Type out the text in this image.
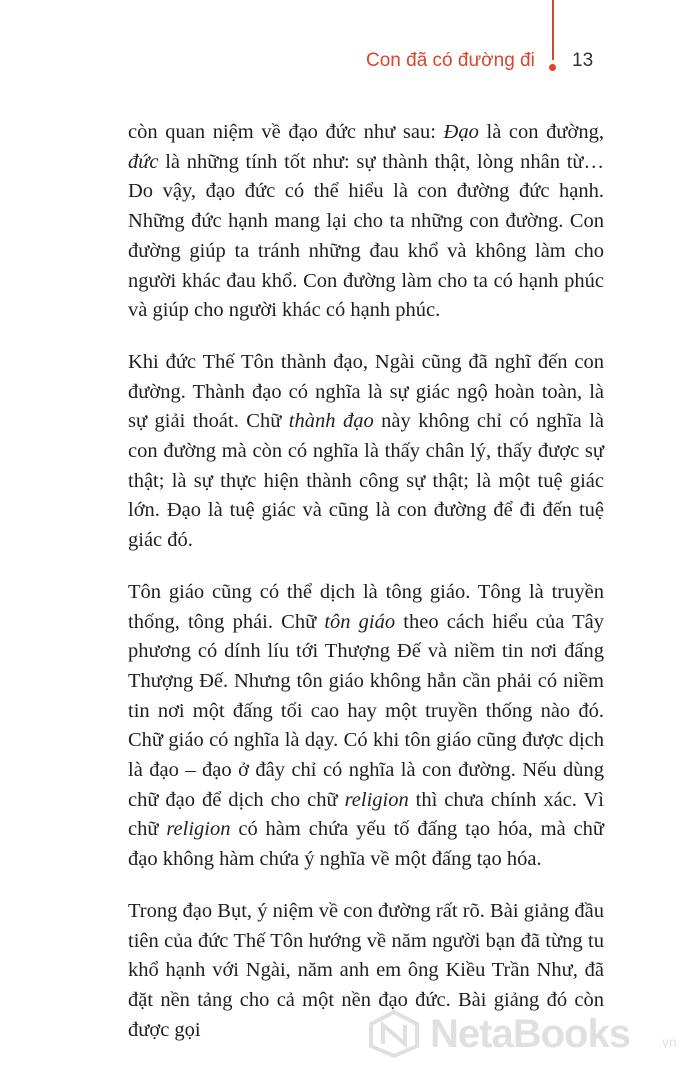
Con đã có đường đi 13

còn quan niệm về đạo đức như sau: Đạo là con đường, đức là những tính tốt như: sự thành thật, lòng nhân từ… Do vậy, đạo đức có thể hiểu là con đường đức hạnh. Những đức hạnh mang lại cho ta những con đường. Con đường giúp ta tránh những đau khổ và không làm cho người khác đau khổ. Con đường làm cho ta có hạnh phúc và giúp cho người khác có hạnh phúc.

Khi đức Thế Tôn thành đạo, Ngài cũng đã nghĩ đến con đường. Thành đạo có nghĩa là sự giác ngộ hoàn toàn, là sự giải thoát. Chữ thành đạo này không chỉ có nghĩa là con đường mà còn có nghĩa là thấy chân lý, thấy được sự thật; là sự thực hiện thành công sự thật; là một tuệ giác lớn. Đạo là tuệ giác và cũng là con đường để đi đến tuệ giác đó.

Tôn giáo cũng có thể dịch là tông giáo. Tông là truyền thống, tông phái. Chữ tôn giáo theo cách hiểu của Tây phương có dính líu tới Thượng Đế và niềm tin nơi đấng Thượng Đế. Nhưng tôn giáo không hẳn cần phải có niềm tin nơi một đấng tối cao hay một truyền thống nào đó. Chữ giáo có nghĩa là dạy. Có khi tôn giáo cũng được dịch là đạo – đạo ở đây chỉ có nghĩa là con đường. Nếu dùng chữ đạo để dịch cho chữ religion thì chưa chính xác. Vì chữ religion có hàm chứa yếu tố đấng tạo hóa, mà chữ đạo không hàm chứa ý nghĩa về một đấng tạo hóa.

Trong đạo Bụt, ý niệm về con đường rất rõ. Bài giảng đầu tiên của đức Thế Tôn hướng về năm người bạn đã từng tu khổ hạnh với Ngài, năm anh em ông Kiều Trần Như, đã đặt nền tảng cho cả một nền đạo đức. Bài giảng đó còn được gọi	NetaBooks .vn
